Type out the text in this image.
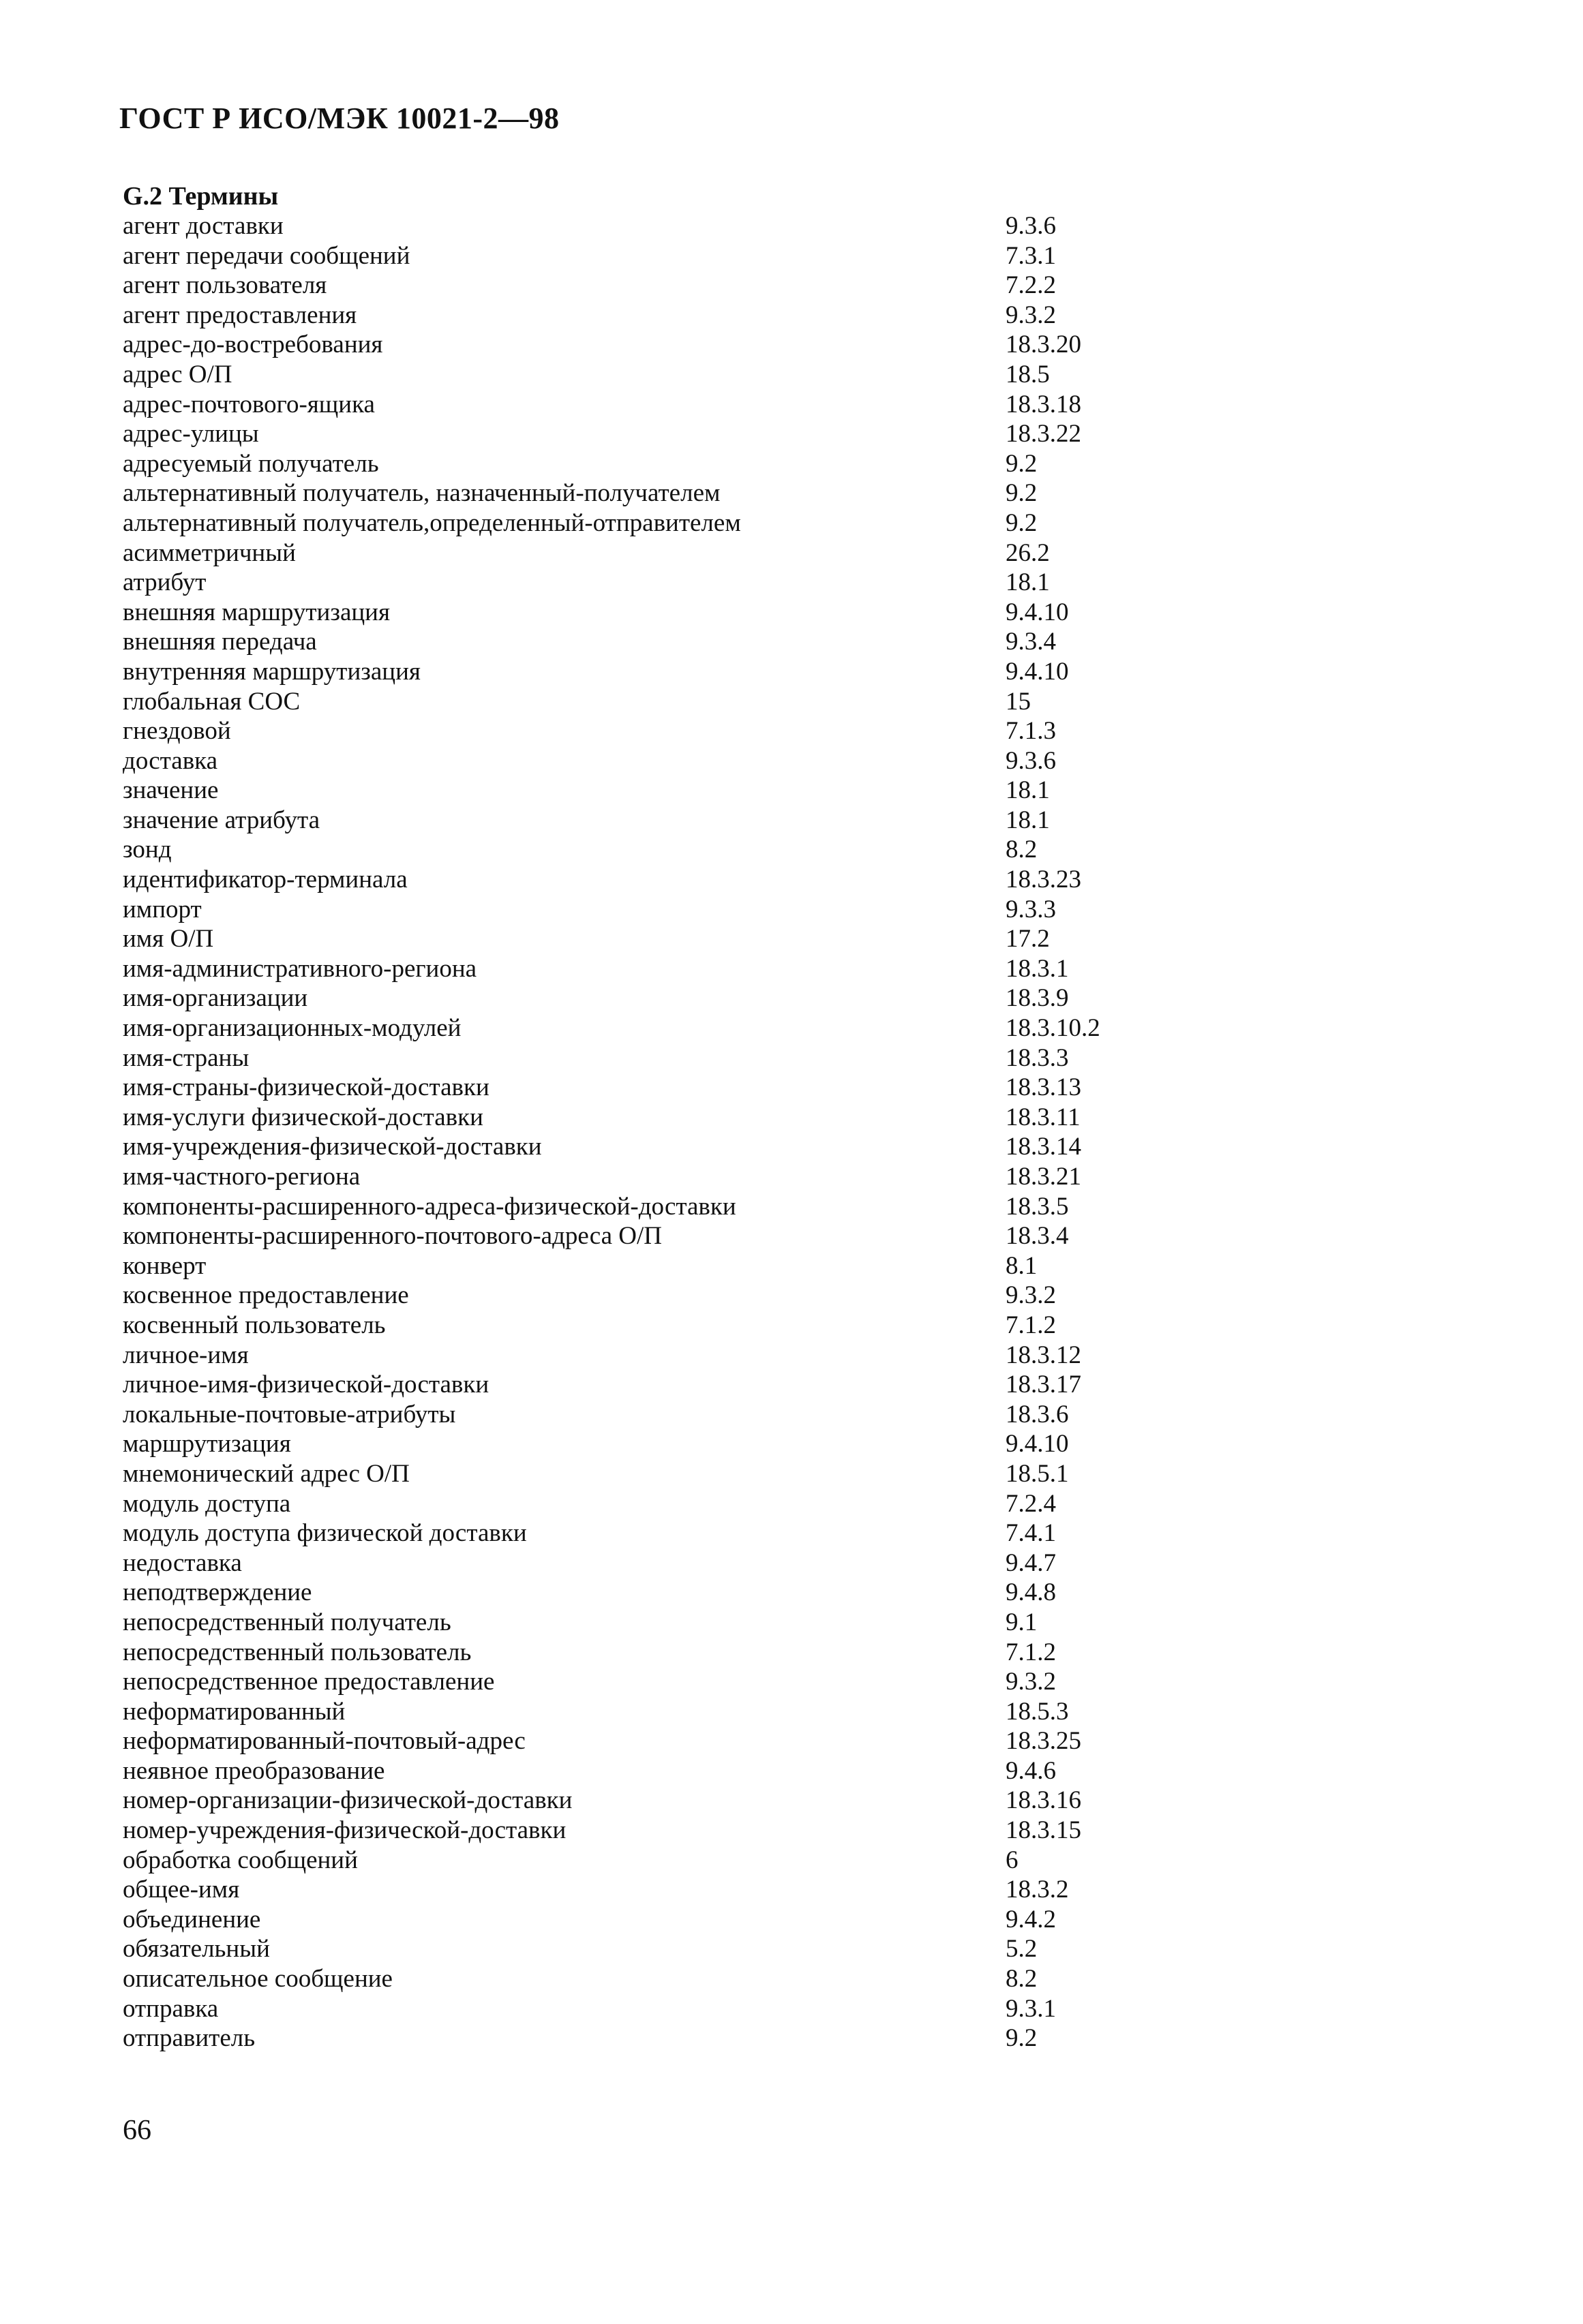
ГОСТ Р ИСО/МЭК 10021-2—98
G.2 Термины
агент доставки	9.3.6
агент передачи сообщений	7.3.1
агент пользователя	7.2.2
агент предоставления	9.3.2
адрес-до-востребования	18.3.20
адрес О/П	18.5
адрес-почтового-ящика	18.3.18
адрес-улицы	18.3.22
адресуемый получатель	9.2
альтернативный получатель, назначенный-получателем	9.2
альтернативный получатель,определенный-отправителем	9.2
асимметричный	26.2
атрибут	18.1
внешняя маршрутизация	9.4.10
внешняя передача	9.3.4
внутренняя маршрутизация	9.4.10
глобальная СОС	15
гнездовой	7.1.3
доставка	9.3.6
значение	18.1
значение атрибута	18.1
зонд	8.2
идентификатор-терминала	18.3.23
импорт	9.3.3
имя О/П	17.2
имя-административного-региона	18.3.1
имя-организации	18.3.9
имя-организационных-модулей	18.3.10.2
имя-страны	18.3.3
имя-страны-физической-доставки	18.3.13
имя-услуги физической-доставки	18.3.11
имя-учреждения-физической-доставки	18.3.14
имя-частного-региона	18.3.21
компоненты-расширенного-адреса-физической-доставки	18.3.5
компоненты-расширенного-почтового-адреса О/П	18.3.4
конверт	8.1
косвенное предоставление	9.3.2
косвенный пользователь	7.1.2
личное-имя	18.3.12
личное-имя-физической-доставки	18.3.17
локальные-почтовые-атрибуты	18.3.6
маршрутизация	9.4.10
мнемонический адрес О/П	18.5.1
модуль доступа	7.2.4
модуль доступа физической доставки	7.4.1
недоставка	9.4.7
неподтверждение	9.4.8
непосредственный получатель	9.1
непосредственный пользователь	7.1.2
непосредственное предоставление	9.3.2
неформатированный	18.5.3
неформатированный-почтовый-адрес	18.3.25
неявное преобразование	9.4.6
номер-организации-физической-доставки	18.3.16
номер-учреждения-физической-доставки	18.3.15
обработка сообщений	6
общее-имя	18.3.2
объединение	9.4.2
обязательный	5.2
описательное сообщение	8.2
отправка	9.3.1
отправитель	9.2
66
